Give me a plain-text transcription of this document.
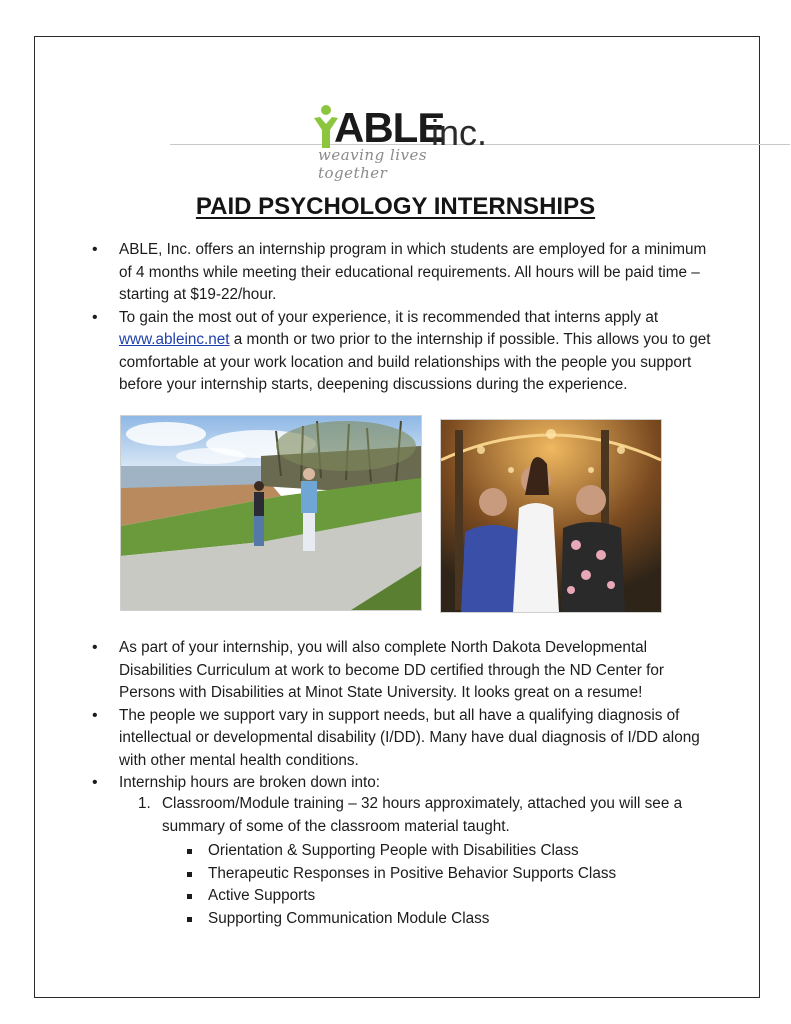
ABLE
inc.
weaving lives together
PAID PSYCHOLOGY INTERNSHIPS
• ABLE, Inc. offers an internship program in which students are employed for a minimum of 4 months while meeting their educational requirements. All hours will be paid time – starting at $19-22/hour.
• To gain the most out of your experience, it is recommended that interns apply at www.ableinc.net a month or two prior to the internship if possible. This allows you to get comfortable at your work location and build relationships with the people you support before your internship starts, deepening discussions during the experience.
• As part of your internship, you will also complete North Dakota Developmental Disabilities Curriculum at work to become DD certified through the ND Center for Persons with Disabilities at Minot State University. It looks great on a resume!
• The people we support vary in support needs, but all have a qualifying diagnosis of intellectual or developmental disability (I/DD). Many have dual diagnosis of I/DD along with other mental health conditions.
• Internship hours are broken down into:
1. Classroom/Module training – 32 hours approximately, attached you will see a summary of some of the classroom material taught.
Orientation & Supporting People with Disabilities Class
Therapeutic Responses in Positive Behavior Supports Class
Active Supports
Supporting Communication Module Class
